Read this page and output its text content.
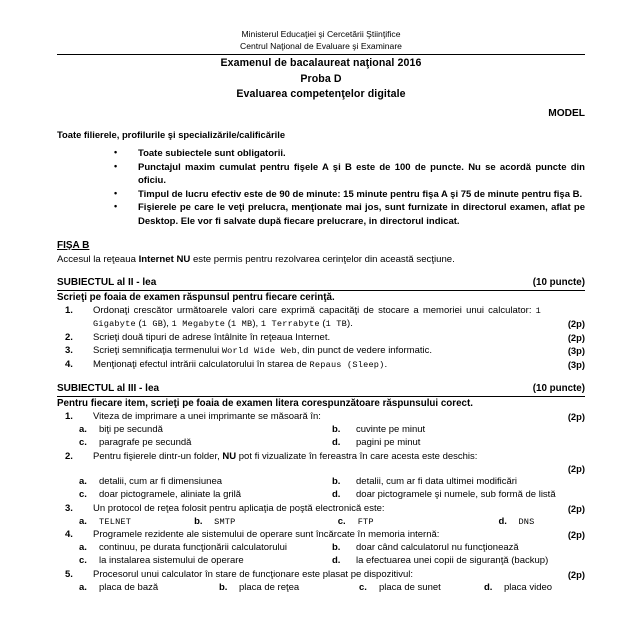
Ministerul Educaţiei şi Cercetării Ştiinţifice
Centrul Naţional de Evaluare şi Examinare
Examenul de bacalaureat naţional 2016
Proba D
Evaluarea competenţelor digitale
MODEL
Toate filierele, profilurile şi specializările/calificările
• Toate subiectele sunt obligatorii.
• Punctajul maxim cumulat pentru fişele A şi B este de 100 de puncte. Nu se acordă puncte din oficiu.
• Timpul de lucru efectiv este de 90 de minute: 15 minute pentru fişa A şi 75 de minute pentru fişa B.
• Fişierele pe care le veţi prelucra, menţionate mai jos, sunt furnizate in directorul examen, aflat pe Desktop. Ele vor fi salvate după fiecare prelucrare, in directorul indicat.
FIŞA B
Accesul la reţeaua Internet NU este permis pentru rezolvarea cerinţelor din această secţiune.
SUBIECTUL al II - lea	(10 puncte)
Scrieţi pe foaia de examen răspunsul pentru fiecare cerinţă.
1.	Ordonaţi crescător următoarele valori care exprimă capacităţi de stocare a memoriei unui calculator: 1 Gigabyte (1 GB), 1 Megabyte (1 MB), 1 Terrabyte (1 TB).	(2p)
2.	Scrieţi două tipuri de adrese întâlnite în reţeaua Internet.	(2p)
3.	Scrieţi semnificaţia termenului World Wide Web, din punct de vedere informatic.	(3p)
4.	Menţionaţi efectul intrării calculatorului în starea de Repaus (Sleep).	(3p)
SUBIECTUL al III - lea	(10 puncte)
Pentru fiecare item, scrieţi pe foaia de examen litera corespunzătoare răspunsului corect.
1.	Viteza de imprimare a unei imprimante se măsoară în:	(2p)
a. biţi pe secundă	b. cuvinte pe minut
c. paragrafe pe secundă	d. pagini pe minut
2.	Pentru fişierele dintr-un folder, NU pot fi vizualizate în fereastra în care acesta este deschis:
(2p)
a. detalii, cum ar fi dimensiunea	b. detalii, cum ar fi data ultimei modificări
c. doar pictogramele, aliniate la grilă	d. doar pictogramele şi numele, sub formă de listă
3.	Un protocol de reţea folosit pentru aplicaţia de poştă electronică este:	(2p)
a. TELNET	b. SMTP	c. FTP	d. DNS
4.	Programele rezidente ale sistemului de operare sunt încărcate în memoria internă:	(2p)
a. continuu, pe durata funcţionării calculatorului	b. doar când calculatorul nu funcţionează
c. la instalarea sistemului de operare	d. la efectuarea unei copii de siguranţă (backup)
5.	Procesorul unui calculator în stare de funcţionare este plasat pe dispozitivul:	(2p)
a. placa de bază	b. placa de reţea	c. placa de sunet	d. placa video
